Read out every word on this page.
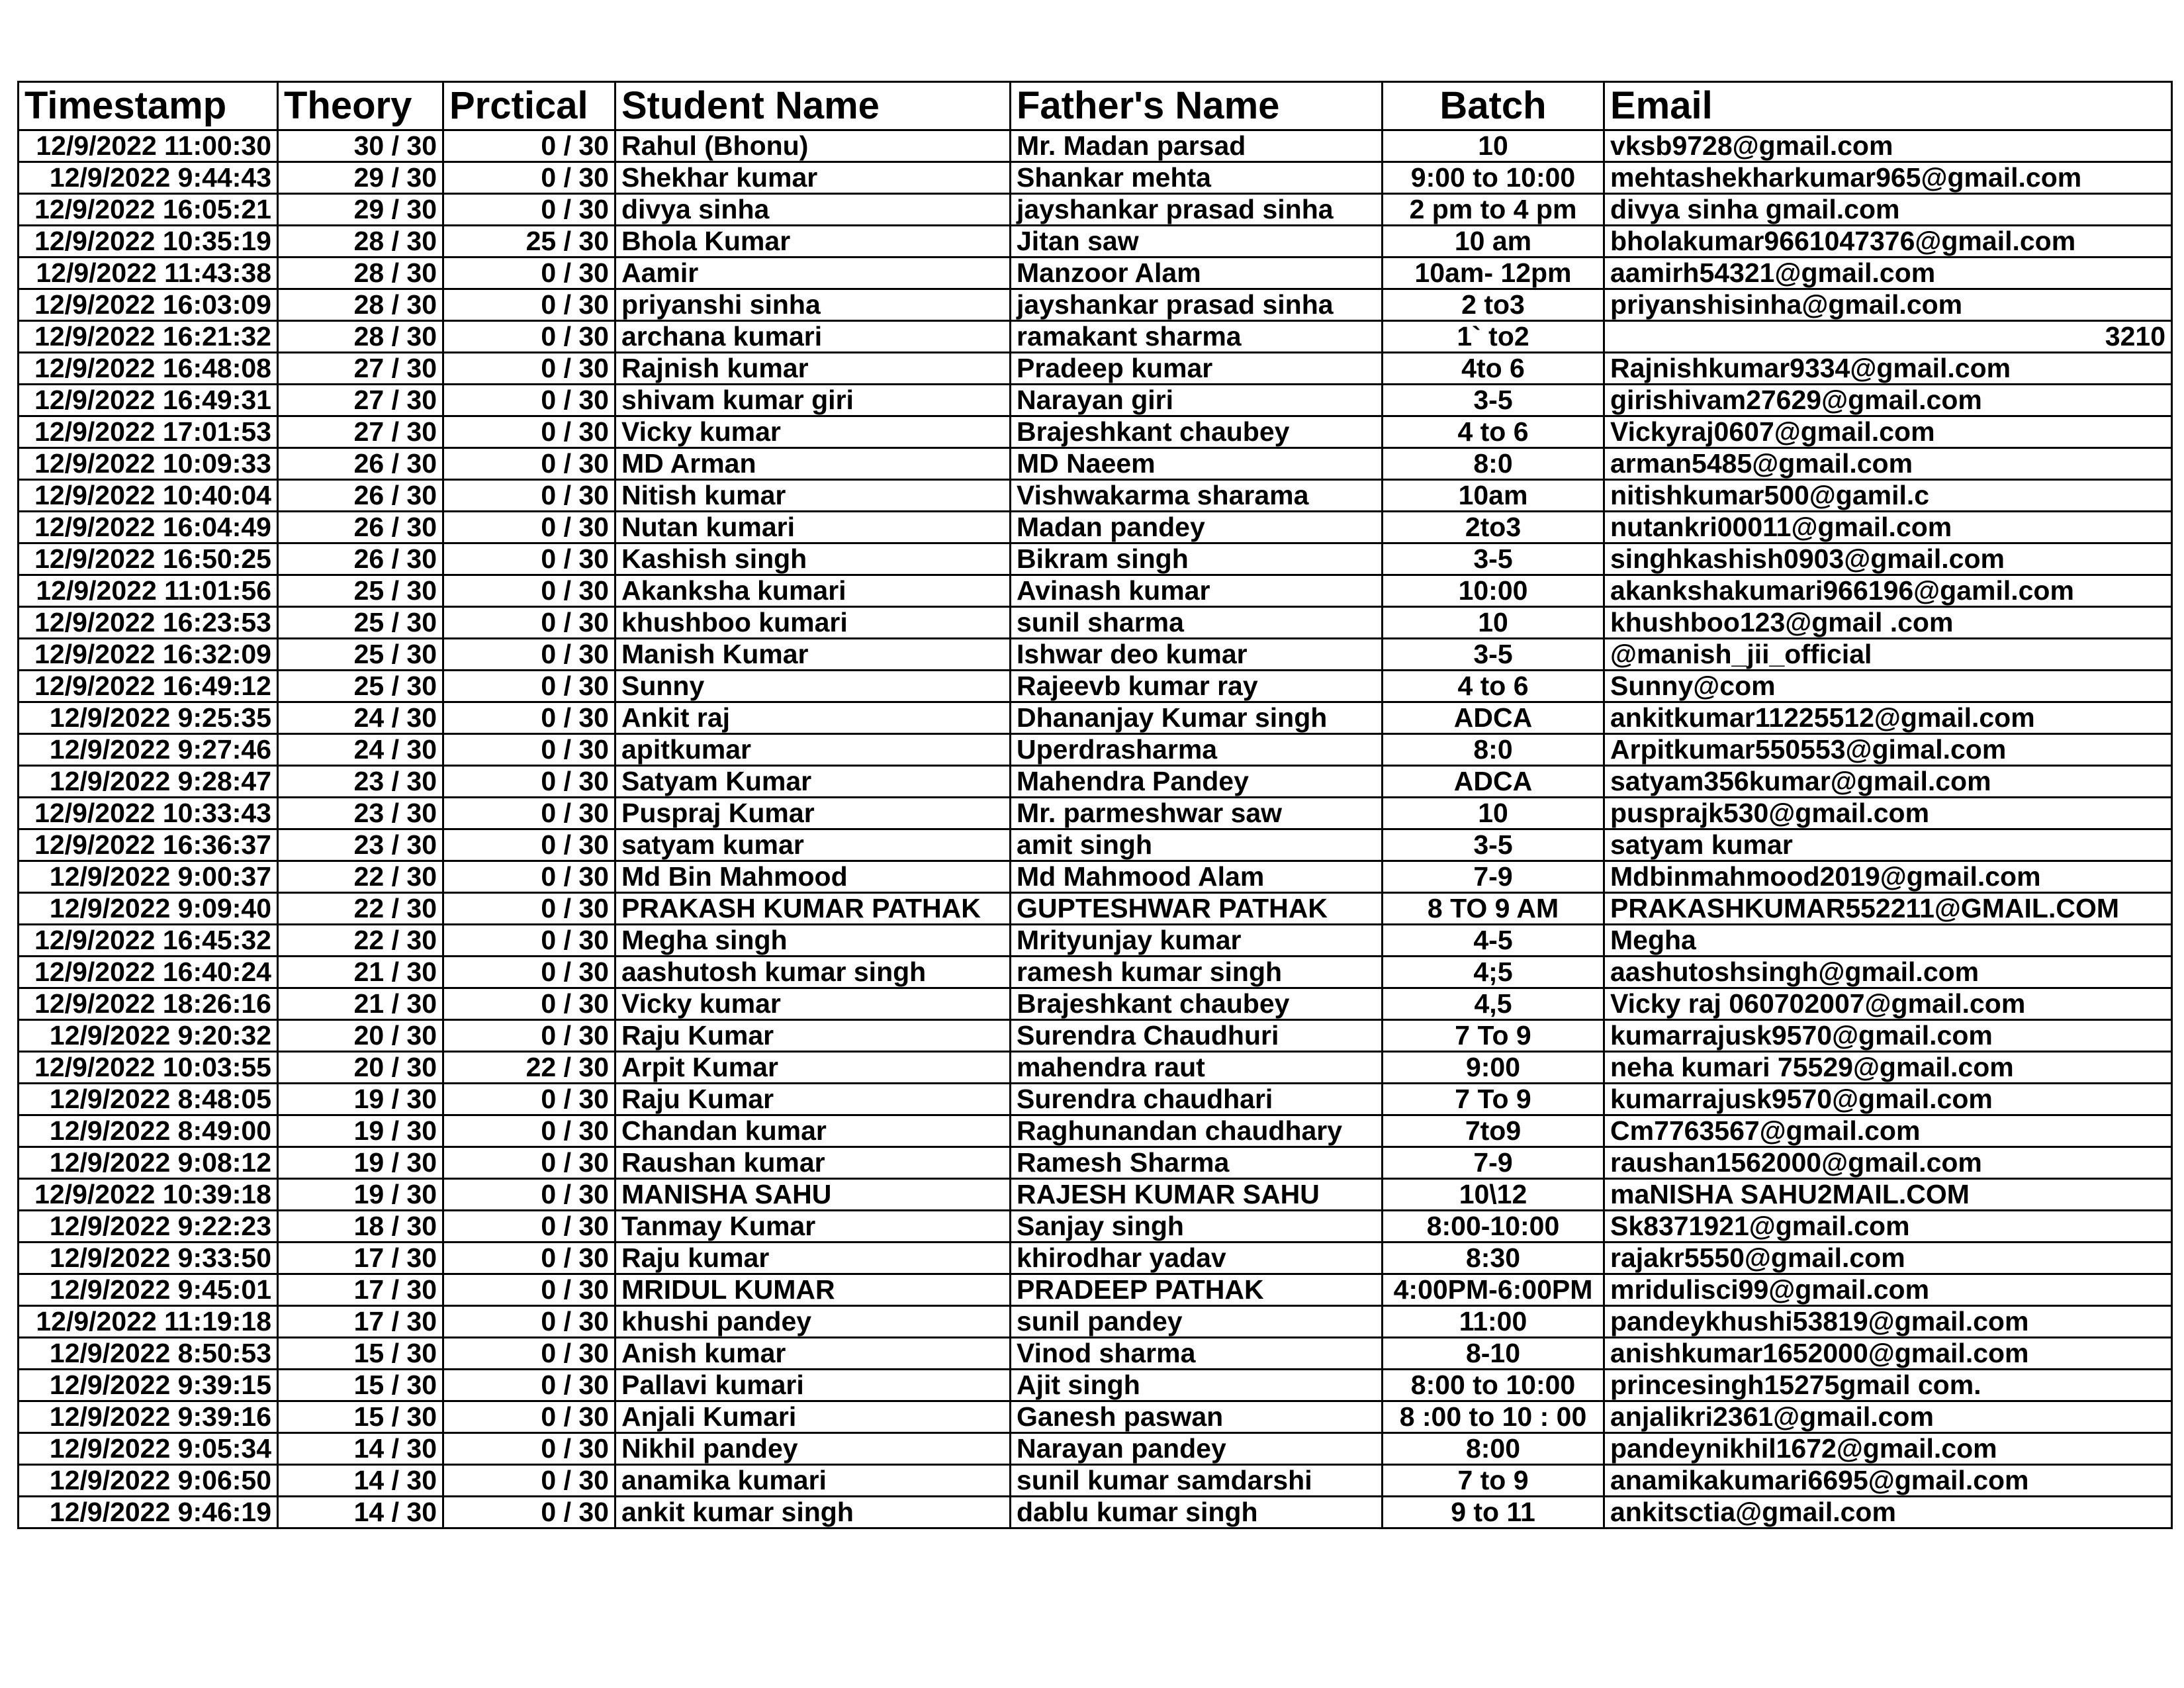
Timestamp	Theory	Prctical	Student Name	Father's Name	Batch	Email
12/9/2022 11:00:30	30 / 30	0 / 30	Rahul (Bhonu)	Mr. Madan parsad	10	vksb9728@gmail.com
12/9/2022 9:44:43	29 / 30	0 / 30	Shekhar kumar	Shankar mehta	9:00 to 10:00	mehtashekharkumar965@gmail.com
12/9/2022 16:05:21	29 / 30	0 / 30	divya sinha	jayshankar prasad sinha	2 pm to 4 pm	divya sinha gmail.com
12/9/2022 10:35:19	28 / 30	25 / 30	Bhola Kumar	Jitan saw	10 am	bholakumar9661047376@gmail.com
12/9/2022 11:43:38	28 / 30	0 / 30	Aamir	Manzoor Alam	10am- 12pm	aamirh54321@gmail.com
12/9/2022 16:03:09	28 / 30	0 / 30	priyanshi sinha	jayshankar prasad sinha	2 to3	priyanshisinha@gmail.com
12/9/2022 16:21:32	28 / 30	0 / 30	archana kumari	ramakant sharma	1` to2	3210
12/9/2022 16:48:08	27 / 30	0 / 30	Rajnish kumar	Pradeep kumar	4to 6	Rajnishkumar9334@gmail.com
12/9/2022 16:49:31	27 / 30	0 / 30	shivam kumar giri	Narayan giri	3-5	girishivam27629@gmail.com
12/9/2022 17:01:53	27 / 30	0 / 30	Vicky kumar	Brajeshkant chaubey	4 to 6	Vickyraj0607@gmail.com
12/9/2022 10:09:33	26 / 30	0 / 30	MD Arman	MD Naeem	8:0	arman5485@gmail.com
12/9/2022 10:40:04	26 / 30	0 / 30	Nitish kumar	Vishwakarma sharama	10am	nitishkumar500@gamil.c
12/9/2022 16:04:49	26 / 30	0 / 30	Nutan kumari	Madan pandey	2to3	nutankri00011@gmail.com
12/9/2022 16:50:25	26 / 30	0 / 30	Kashish singh	Bikram singh	3-5	singhkashish0903@gmail.com
12/9/2022 11:01:56	25 / 30	0 / 30	Akanksha kumari	Avinash kumar	10:00	akankshakumari966196@gamil.com
12/9/2022 16:23:53	25 / 30	0 / 30	khushboo kumari	sunil sharma	10	khushboo123@gmail .com
12/9/2022 16:32:09	25 / 30	0 / 30	Manish Kumar	Ishwar deo kumar	3-5	@manish_jii_official
12/9/2022 16:49:12	25 / 30	0 / 30	Sunny	Rajeevb kumar ray	4 to 6	Sunny@com
12/9/2022 9:25:35	24 / 30	0 / 30	Ankit raj	Dhananjay Kumar singh	ADCA	ankitkumar11225512@gmail.com
12/9/2022 9:27:46	24 / 30	0 / 30	apitkumar	Uperdrasharma	8:0	Arpitkumar550553@gimal.com
12/9/2022 9:28:47	23 / 30	0 / 30	Satyam Kumar	Mahendra Pandey	ADCA	satyam356kumar@gmail.com
12/9/2022 10:33:43	23 / 30	0 / 30	Puspraj Kumar	Mr. parmeshwar saw	10	pusprajk530@gmail.com
12/9/2022 16:36:37	23 / 30	0 / 30	satyam kumar	amit singh	3-5	satyam kumar
12/9/2022 9:00:37	22 / 30	0 / 30	Md Bin Mahmood	Md Mahmood Alam	7-9	Mdbinmahmood2019@gmail.com
12/9/2022 9:09:40	22 / 30	0 / 30	PRAKASH KUMAR PATHAK	GUPTESHWAR PATHAK	8 TO 9 AM	PRAKASHKUMAR552211@GMAIL.COM
12/9/2022 16:45:32	22 / 30	0 / 30	Megha singh	Mrityunjay kumar	4-5	Megha
12/9/2022 16:40:24	21 / 30	0 / 30	aashutosh kumar singh	ramesh kumar singh	4;5	aashutoshsingh@gmail.com
12/9/2022 18:26:16	21 / 30	0 / 30	Vicky kumar	Brajeshkant chaubey	4,5	Vicky raj 060702007@gmail.com
12/9/2022 9:20:32	20 / 30	0 / 30	Raju Kumar	Surendra Chaudhuri	7 To 9	kumarrajusk9570@gmail.com
12/9/2022 10:03:55	20 / 30	22 / 30	Arpit Kumar	mahendra raut	9:00	neha kumari 75529@gmail.com
12/9/2022 8:48:05	19 / 30	0 / 30	Raju Kumar	Surendra chaudhari	7 To 9	kumarrajusk9570@gmail.com
12/9/2022 8:49:00	19 / 30	0 / 30	Chandan kumar	Raghunandan chaudhary	7to9	Cm7763567@gmail.com
12/9/2022 9:08:12	19 / 30	0 / 30	Raushan kumar	Ramesh Sharma	7-9	raushan1562000@gmail.com
12/9/2022 10:39:18	19 / 30	0 / 30	MANISHA SAHU	RAJESH KUMAR SAHU	10\12	maNISHA SAHU2MAIL.COM
12/9/2022 9:22:23	18 / 30	0 / 30	Tanmay Kumar	Sanjay singh	8:00-10:00	Sk8371921@gmail.com
12/9/2022 9:33:50	17 / 30	0 / 30	Raju kumar	khirodhar yadav	8:30	rajakr5550@gmail.com
12/9/2022 9:45:01	17 / 30	0 / 30	MRIDUL KUMAR	PRADEEP PATHAK	4:00PM-6:00PM	mridulisci99@gmail.com
12/9/2022 11:19:18	17 / 30	0 / 30	khushi pandey	sunil pandey	11:00	pandeykhushi53819@gmail.com
12/9/2022 8:50:53	15 / 30	0 / 30	Anish kumar	Vinod sharma	8-10	anishkumar1652000@gmail.com
12/9/2022 9:39:15	15 / 30	0 / 30	Pallavi kumari	Ajit singh	8:00 to 10:00	princesingh15275gmail com.
12/9/2022 9:39:16	15 / 30	0 / 30	Anjali Kumari	Ganesh paswan	8 :00 to 10 : 00	anjalikri2361@gmail.com
12/9/2022 9:05:34	14 / 30	0 / 30	Nikhil pandey	Narayan pandey	8:00	pandeynikhil1672@gmail.com
12/9/2022 9:06:50	14 / 30	0 / 30	anamika kumari	sunil kumar samdarshi	7 to 9	anamikakumari6695@gmail.com
12/9/2022 9:46:19	14 / 30	0 / 30	ankit kumar singh	dablu kumar singh	9 to 11	ankitsctia@gmail.com
